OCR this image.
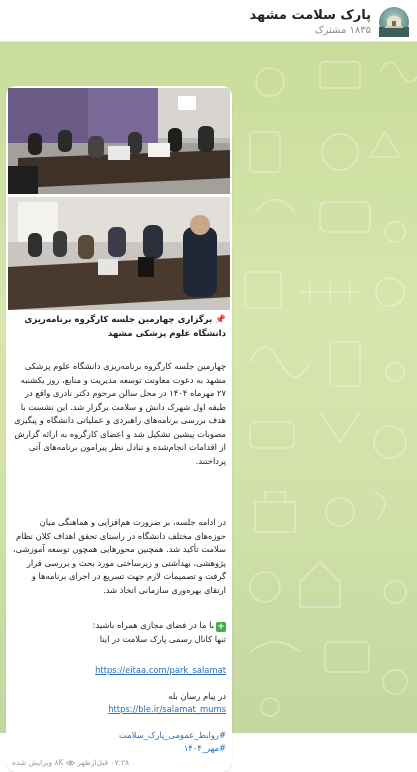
پارک سلامت مشهد
۱۸۳۵ مشترک
📌 برگزاری چهارمین جلسه کارگروه برنامه‌ریزی دانشگاه علوم پزشکی مشهد
چهارمین جلسه کارگروه برنامه‌ریزی دانشگاه علوم پزشکی مشهد به دعوت معاونت توسعه مدیریت و منابع، روز یکشنبه ۲۷ مهرماه ۱۴۰۴ در محل سالن مرحوم دکتر نادری واقع در طبقه اول شهرک دانش و سلامت برگزار شد. این نشست با هدف بررسی برنامه‌های راهبردی و عملیاتی دانشگاه و پیگیری مصوبات پیشین تشکیل شد و اعضای کارگروه به ارائه گزارش از اقدامات انجام‌شده و تبادل نظر پیرامون برنامه‌های آتی پرداختند.
در ادامه جلسه، بر ضرورت هم‌افزایی و هماهنگی میان حوزه‌های مختلف دانشگاه در راستای تحقق اهداف کلان نظام سلامت تأکید شد. همچنین محورهایی همچون توسعه آموزشی، پژوهشی، بهداشتی و زیرساختی مورد بحث و بررسی قرار گرفت و تصمیمات لازم جهت تسریع در اجرای برنامه‌ها و ارتقای بهره‌وری سازمانی اتخاذ شد.
+با ما در فضای مجازی همراه باشید:
تنها کانال رسمی پارک سلامت در ایتا
https://eitaa.com/park_salamat
در پیام رسان بله
https://ble.ir/salamat_mums
#روابط_عمومی_پارک_سلامت
#مهر_۱۴۰۴
۰۷:۲۸ قبل‌ازظهر  ۸K ویرایش شده
